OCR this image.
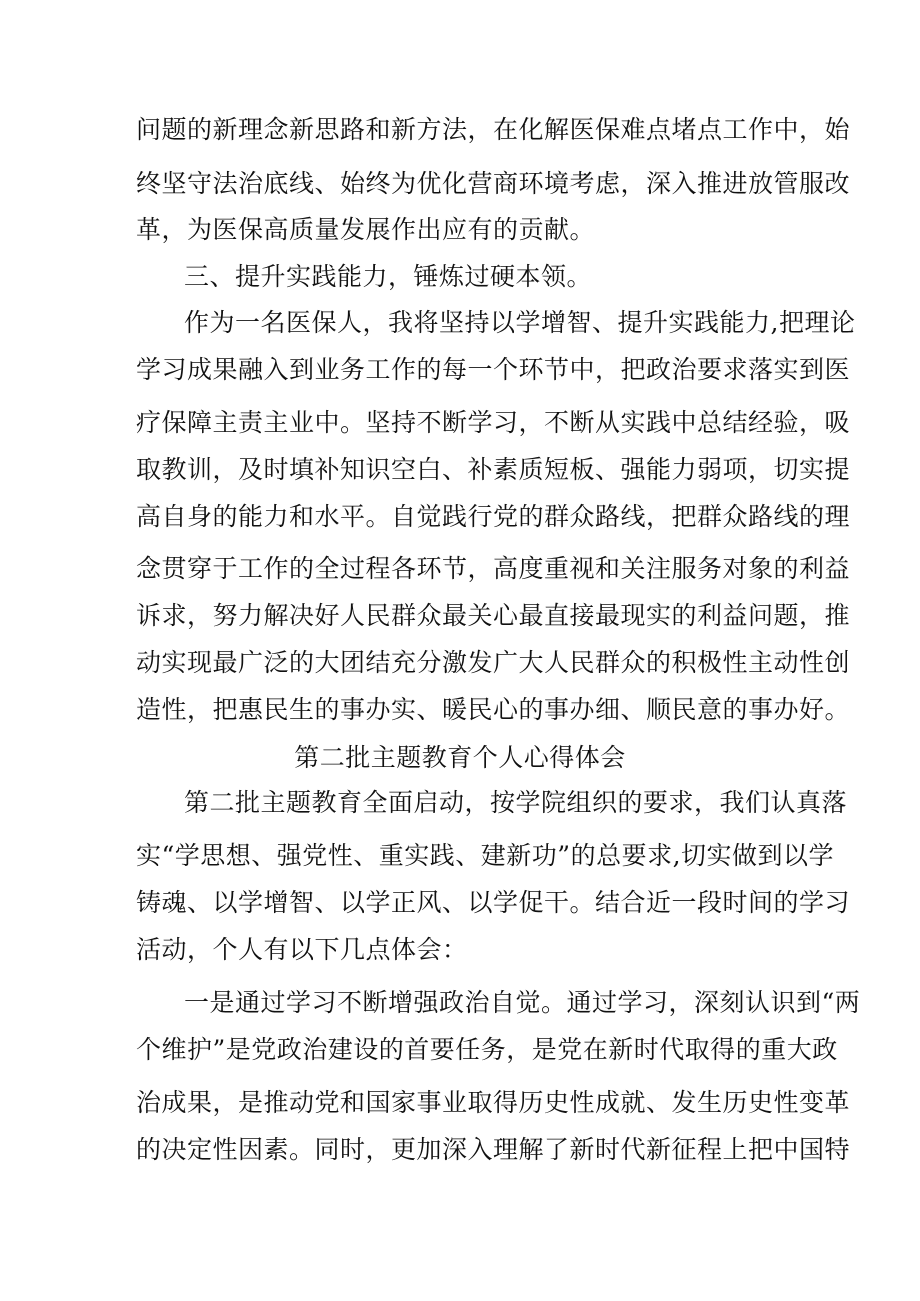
问题的新理念新思路和新方法，在化解医保难点堵点工作中，始
终坚守法治底线、始终为优化营商环境考虑，深入推进放管服改
革，为医保高质量发展作出应有的贡献。
三、提升实践能力，锤炼过硬本领。
作为一名医保人，我将坚持以学增智、提升实践能力,把理论
学习成果融入到业务工作的每一个环节中，把政治要求落实到医
疗保障主责主业中。坚持不断学习，不断从实践中总结经验，吸
取教训，及时填补知识空白、补素质短板、强能力弱项，切实提
高自身的能力和水平。自觉践行党的群众路线，把群众路线的理
念贯穿于工作的全过程各环节，高度重视和关注服务对象的利益
诉求，努力解决好人民群众最关心最直接最现实的利益问题，推
动实现最广泛的大团结充分激发广大人民群众的积极性主动性创
造性，把惠民生的事办实、暖民心的事办细、顺民意的事办好。
第二批主题教育个人心得体会
第二批主题教育全面启动，按学院组织的要求，我们认真落
实“学思想、强党性、重实践、建新功”的总要求,切实做到以学
铸魂、以学增智、以学正风、以学促干。结合近一段时间的学习
活动，个人有以下几点体会：
一是通过学习不断增强政治自觉。通过学习，深刻认识到“两
个维护”是党政治建设的首要任务，是党在新时代取得的重大政
治成果，是推动党和国家事业取得历史性成就、发生历史性变革
的决定性因素。同时，更加深入理解了新时代新征程上把中国特
